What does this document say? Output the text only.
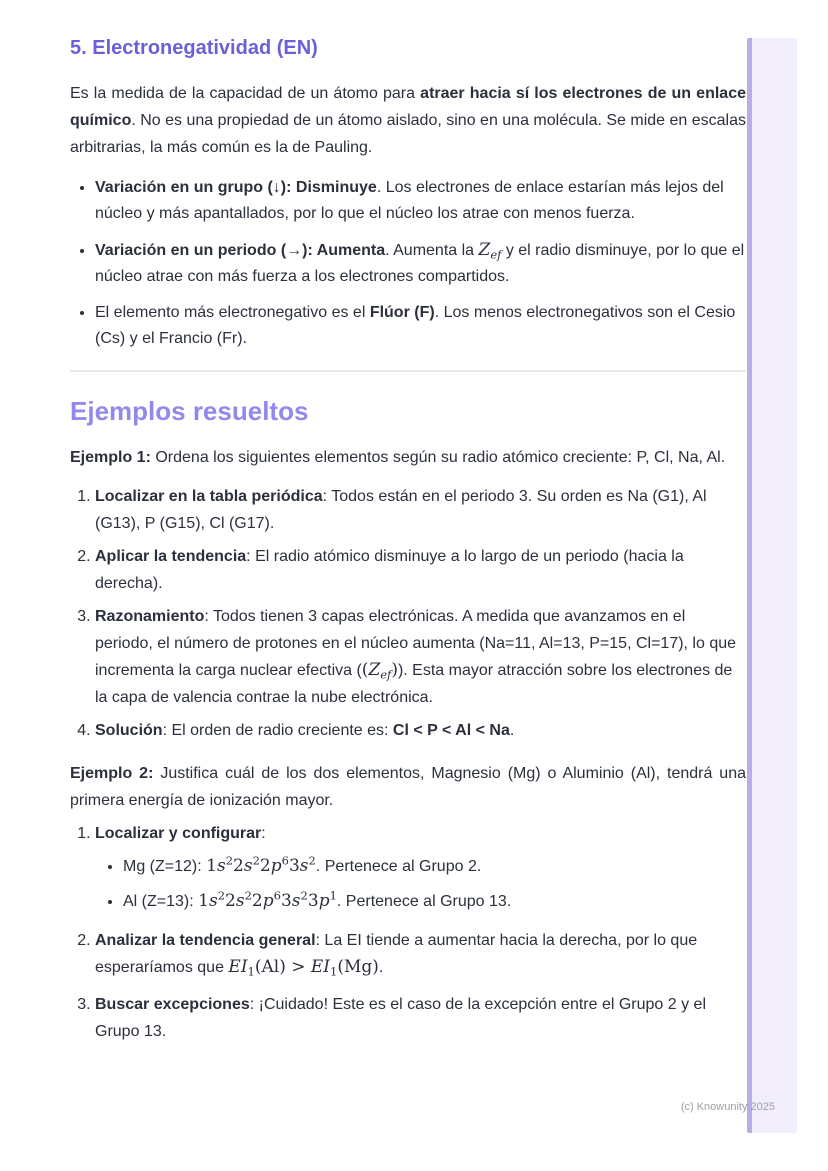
5. Electronegatividad (EN)

Es la medida de la capacidad de un átomo para atraer hacia sí los electrones de un enlace químico. No es una propiedad de un átomo aislado, sino en una molécula. Se mide en escalas arbitrarias, la más común es la de Pauling.

• Variación en un grupo (↓): Disminuye. Los electrones de enlace estarían más lejos del núcleo y más apantallados, por lo que el núcleo los atrae con menos fuerza.
• Variación en un periodo (→): Aumenta. Aumenta la $Z_{ef}$ y el radio disminuye, por lo que el núcleo atrae con más fuerza a los electrones compartidos.
• El elemento más electronegativo es el Flúor (F). Los menos electronegativos son el Cesio (Cs) y el Francio (Fr).
Ejemplos resueltos

Ejemplo 1: Ordena los siguientes elementos según su radio atómico creciente: P, Cl, Na, Al.

1. Localizar en la tabla periódica: Todos están en el periodo 3. Su orden es Na (G1), Al (G13), P (G15), Cl (G17).
2. Aplicar la tendencia: El radio atómico disminuye a lo largo de un periodo (hacia la derecha).
3. Razonamiento: Todos tienen 3 capas electrónicas. A medida que avanzamos en el periodo, el número de protones en el núcleo aumenta (Na=11, Al=13, P=15, Cl=17), lo que incrementa la carga nuclear efectiva $((Z_{ef}))$. Esta mayor atracción sobre los electrones de la capa de valencia contrae la nube electrónica.
4. Solución: El orden de radio creciente es: Cl < P < Al < Na.

Ejemplo 2: Justifica cuál de los dos elementos, Magnesio (Mg) o Aluminio (Al), tendrá una primera energía de ionización mayor.

1. Localizar y configurar:
• Mg (Z=12): $1s^22s^22p^63s^2$. Pertenece al Grupo 2.
• Al (Z=13): $1s^22s^22p^63s^23p^1$. Pertenece al Grupo 13.
2. Analizar la tendencia general: La EI tiende a aumentar hacia la derecha, por lo que esperaríamos que $EI_1(Al) > EI_1(Mg)$.
3. Buscar excepciones: ¡Cuidado! Este es el caso de la excepción entre el Grupo 2 y el Grupo 13.
(c) Knowunity 2025
